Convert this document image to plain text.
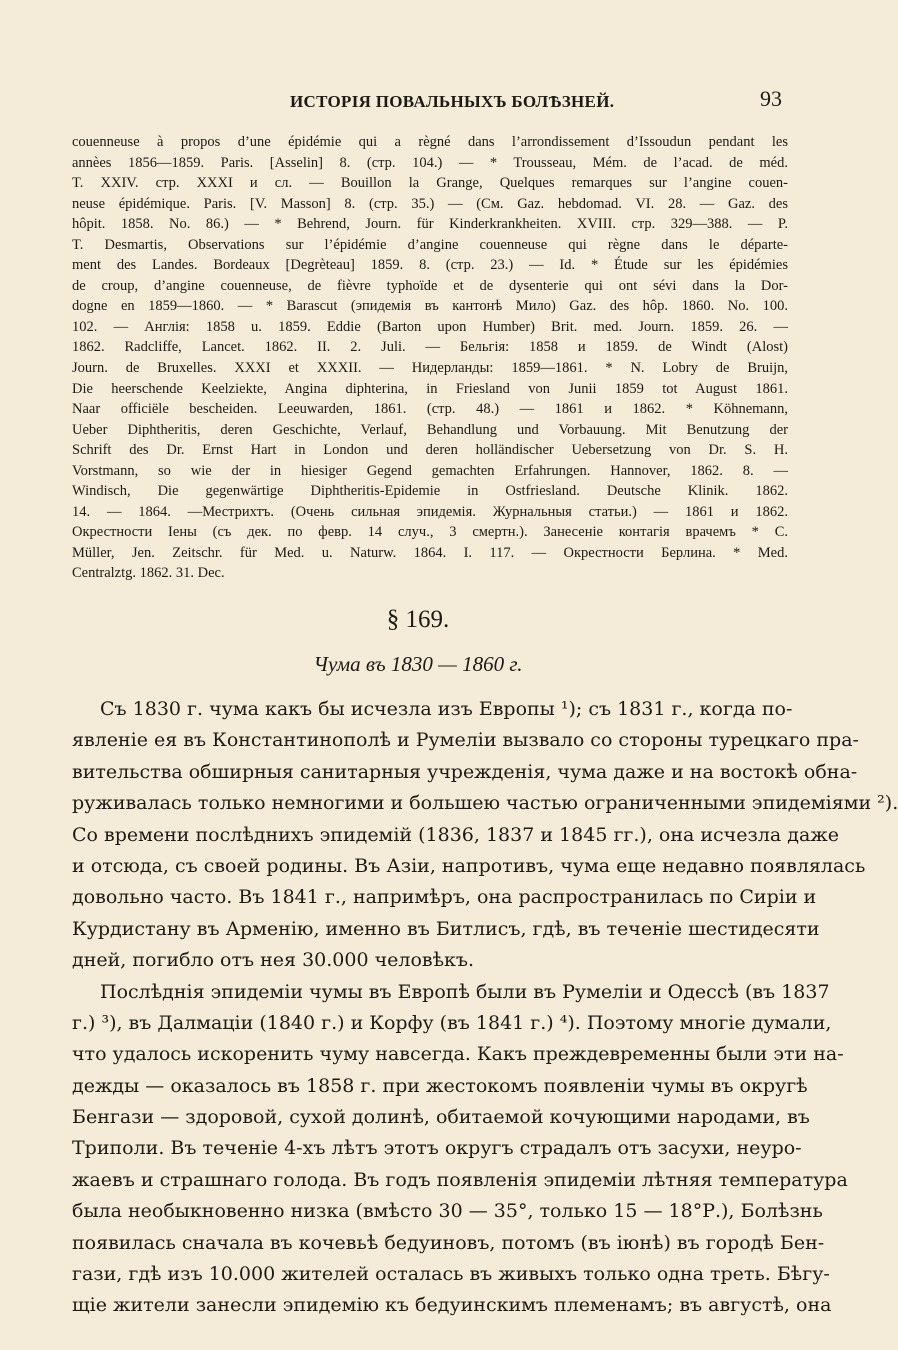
ИСТОРІЯ ПОВАЛЬНЫХЪ БОЛѢЗНЕЙ.	93
couenneuse à propos d’une épidémie qui a règné dans l’arrondissement d’Issoudun pendant les
annèes 1856—1859. Paris. [Asselin] 8. (стр. 104.) — * Trousseau, Mém. de l’acad. de méd.
T. XXIV. стр. XXXI и сл. — Bouillon la Grange, Quelques remarques sur l’angine couen-
neuse épidémique. Paris. [V. Masson] 8. (стр. 35.) — (См. Gaz. hebdomad. VI. 28. — Gaz. des
hôpit. 1858. No. 86.) — * Behrend, Journ. für Kinderkrankheiten. XVIII. стр. 329—388. — P.
T. Desmartis, Observations sur l’épidémie d’angine couenneuse qui règne dans le départe-
ment des Landes. Bordeaux [Degrèteau] 1859. 8. (стр. 23.) — Id. * Étude sur les épidémies
de croup, d’angine couenneuse, de fièvre typhoïde et de dysenterie qui ont sévi dans la Dor-
dogne en 1859—1860. — * Barascut (эпидемія въ кантонѣ Мило) Gaz. des hôp. 1860. No. 100.
102. — Англія: 1858 u. 1859. Eddie (Barton upon Humber) Brit. med. Journ. 1859. 26. —
1862. Radcliffe, Lancet. 1862. II. 2. Juli. — Бельгія: 1858 и 1859. de Windt (Alost)
Journ. de Bruxelles. XXXI et XXXII. — Нидерланды: 1859—1861. * N. Lobry de Bruijn,
Die heerschende Keelziekte, Angina diphterina, in Friesland von Junii 1859 tot August 1861.
Naar officiële bescheiden. Leeuwarden, 1861. (стр. 48.) — 1861 и 1862. * Köhnemann,
Ueber Diphtheritis, deren Geschichte, Verlauf, Behandlung und Vorbauung. Mit Benutzung der
Schrift des Dr. Ernst Hart in London und deren holländischer Uebersetzung von Dr. S. H.
Vorstmann, so wie der in hiesiger Gegend gemachten Erfahrungen. Hannover, 1862. 8. —
Windisch, Die gegenwärtige Diphtheritis-Epidemie in Ostfriesland. Deutsche Klinik. 1862.
14. — 1864. —Местрихтъ. (Очень сильная эпидемія. Журнальныя статьи.) — 1861 и 1862.
Окрестности Іены (съ дек. по февр. 14 случ., 3 смертн.). Занесеніе контагія врачемъ * C.
Müller, Jen. Zeitschr. für Med. u. Naturw. 1864. I. 117. — Окрестности Берлина. * Med.
Centralztg. 1862. 31. Dec.
§ 169.
Чума въ 1830 — 1860 г.
Съ 1830 г. чума какъ бы исчезла изъ Европы ¹); съ 1831 г., когда по-
явленіе ея въ Константинополѣ и Румеліи вызвало со стороны турецкаго пра-
вительства обширныя санитарныя учрежденія, чума даже и на востокѣ обна-
руживалась только немногими и большею частью ограниченными эпидеміями ²).
Со времени послѣднихъ эпидемій (1836, 1837 и 1845 гг.), она исчезла даже
и отсюда, съ своей родины. Въ Азіи, напротивъ, чума еще недавно появлялась
довольно часто. Въ 1841 г., напримѣръ, она распространилась по Сиріи и
Курдистану въ Арменію, именно въ Битлисъ, гдѣ, въ теченіе шестидесяти
дней, погибло отъ нея 30.000 человѣкъ.
Послѣднія эпидеміи чумы въ Европѣ были въ Румеліи и Одессѣ (въ 1837
г.) ³), въ Далмаціи (1840 г.) и Корфу (въ 1841 г.) ⁴). Поэтому многіе думали,
что удалось искоренить чуму навсегда. Какъ преждевременны были эти на-
дежды — оказалось въ 1858 г. при жестокомъ появленіи чумы въ округѣ
Бенгази — здоровой, сухой долинѣ, обитаемой кочующими народами, въ
Триполи. Въ теченіе 4-хъ лѣтъ этотъ округъ страдалъ отъ засухи, неуро-
жаевъ и страшнаго голода. Въ годъ появленія эпидеміи лѣтняя температура
была необыкновенно низка (вмѣсто 30 — 35°, только 15 — 18°Р.), Болѣзнь
появилась сначала въ кочевьѣ бедуиновъ, потомъ (въ іюнѣ) въ городѣ Бен-
гази, гдѣ изъ 10.000 жителей осталась въ живыхъ только одна треть. Бѣгу-
щіе жители занесли эпидемію къ бедуинскимъ племенамъ; въ августѣ, она
